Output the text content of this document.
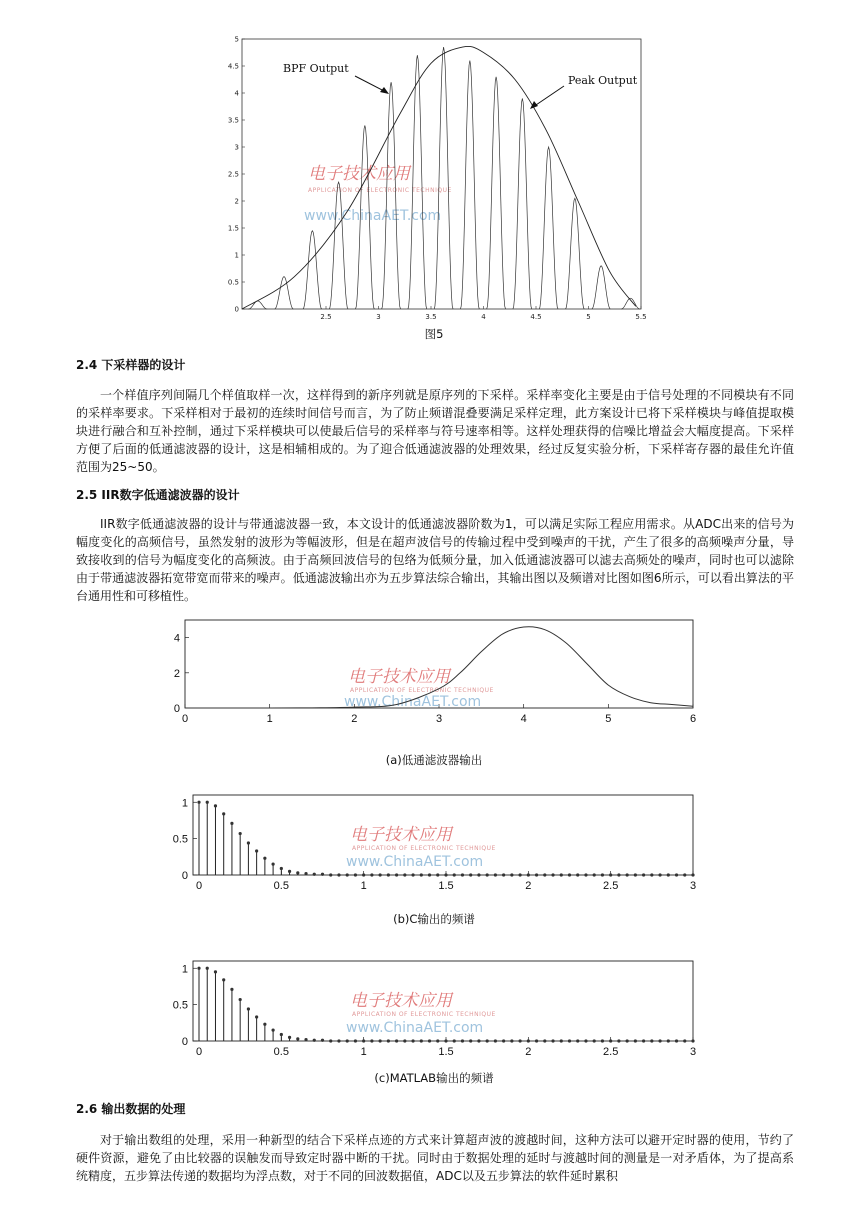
0
0.5
1
1.5
2
2.5
3
3.5
4
4.5
5
2.5	3	3.5	4	4.5	5	5.5
电子技术应用
APPLICATION OF ELECTRONIC TECHNIQUE
www.ChinaAET.com
BPF Output
Peak Output
图5
2.4 下采样器的设计

一个样值序列间隔几个样值取样一次，这样得到的新序列就是原序列的下采样。采样率变化主要是由于信号处理的不同模块有不同的采样率要求。下采样相对于最初的连续时间信号而言，为了防止频谱混叠要满足采样定理，此方案设计已将下采样模块与峰值提取模块进行融合和互补控制，通过下采样模块可以使最后信号的采样率与符号速率相等。这样处理获得的信噪比增益会大幅度提高。下采样方便了后面的低通滤波器的设计，这是相辅相成的。为了迎合低通滤波器的处理效果，经过反复实验分析，下采样寄存器的最佳允许值范围为25~50。

2.5 IIR数字低通滤波器的设计

IIR数字低通滤波器的设计与带通滤波器一致，本文设计的低通滤波器阶数为1，可以满足实际工程应用需求。从ADC出来的信号为幅度变化的高频信号，虽然发射的波形为等幅波形，但是在超声波信号的传输过程中受到噪声的干扰，产生了很多的高频噪声分量，导致接收到的信号为幅度变化的高频波。由于高频回波信号的包络为低频分量，加入低通滤波器可以滤去高频处的噪声，同时也可以滤除由于带通滤波器拓宽带宽而带来的噪声。低通滤波输出亦为五步算法综合输出，其输出图以及频谱对比图如图6所示，可以看出算法的平台通用性和可移植性。

0
2
4
0	1	2	3	4	5	6
电子技术应用
APPLICATION OF ELECTRONIC TECHNIQUE
www.ChinaAET.com
(a)低通滤波器输出
0
0.5
1
0	0.5	1	1.5	2	2.5	3
电子技术应用
APPLICATION OF ELECTRONIC TECHNIQUE
www.ChinaAET.com
(b)C输出的频谱
0
0.5
1
0	0.5	1	1.5	2	2.5	3
电子技术应用
APPLICATION OF ELECTRONIC TECHNIQUE
www.ChinaAET.com
(c)MATLAB输出的频谱
2.6 输出数据的处理

对于输出数组的处理，采用一种新型的结合下采样点迹的方式来计算超声波的渡越时间，这种方法可以避开定时器的使用，节约了硬件资源，避免了由比较器的误触发而导致定时器中断的干扰。同时由于数据处理的延时与渡越时间的测量是一对矛盾体，为了提高系统精度，五步算法传递的数据均为浮点数，对于不同的回波数据值，ADC以及五步算法的软件延时累积
